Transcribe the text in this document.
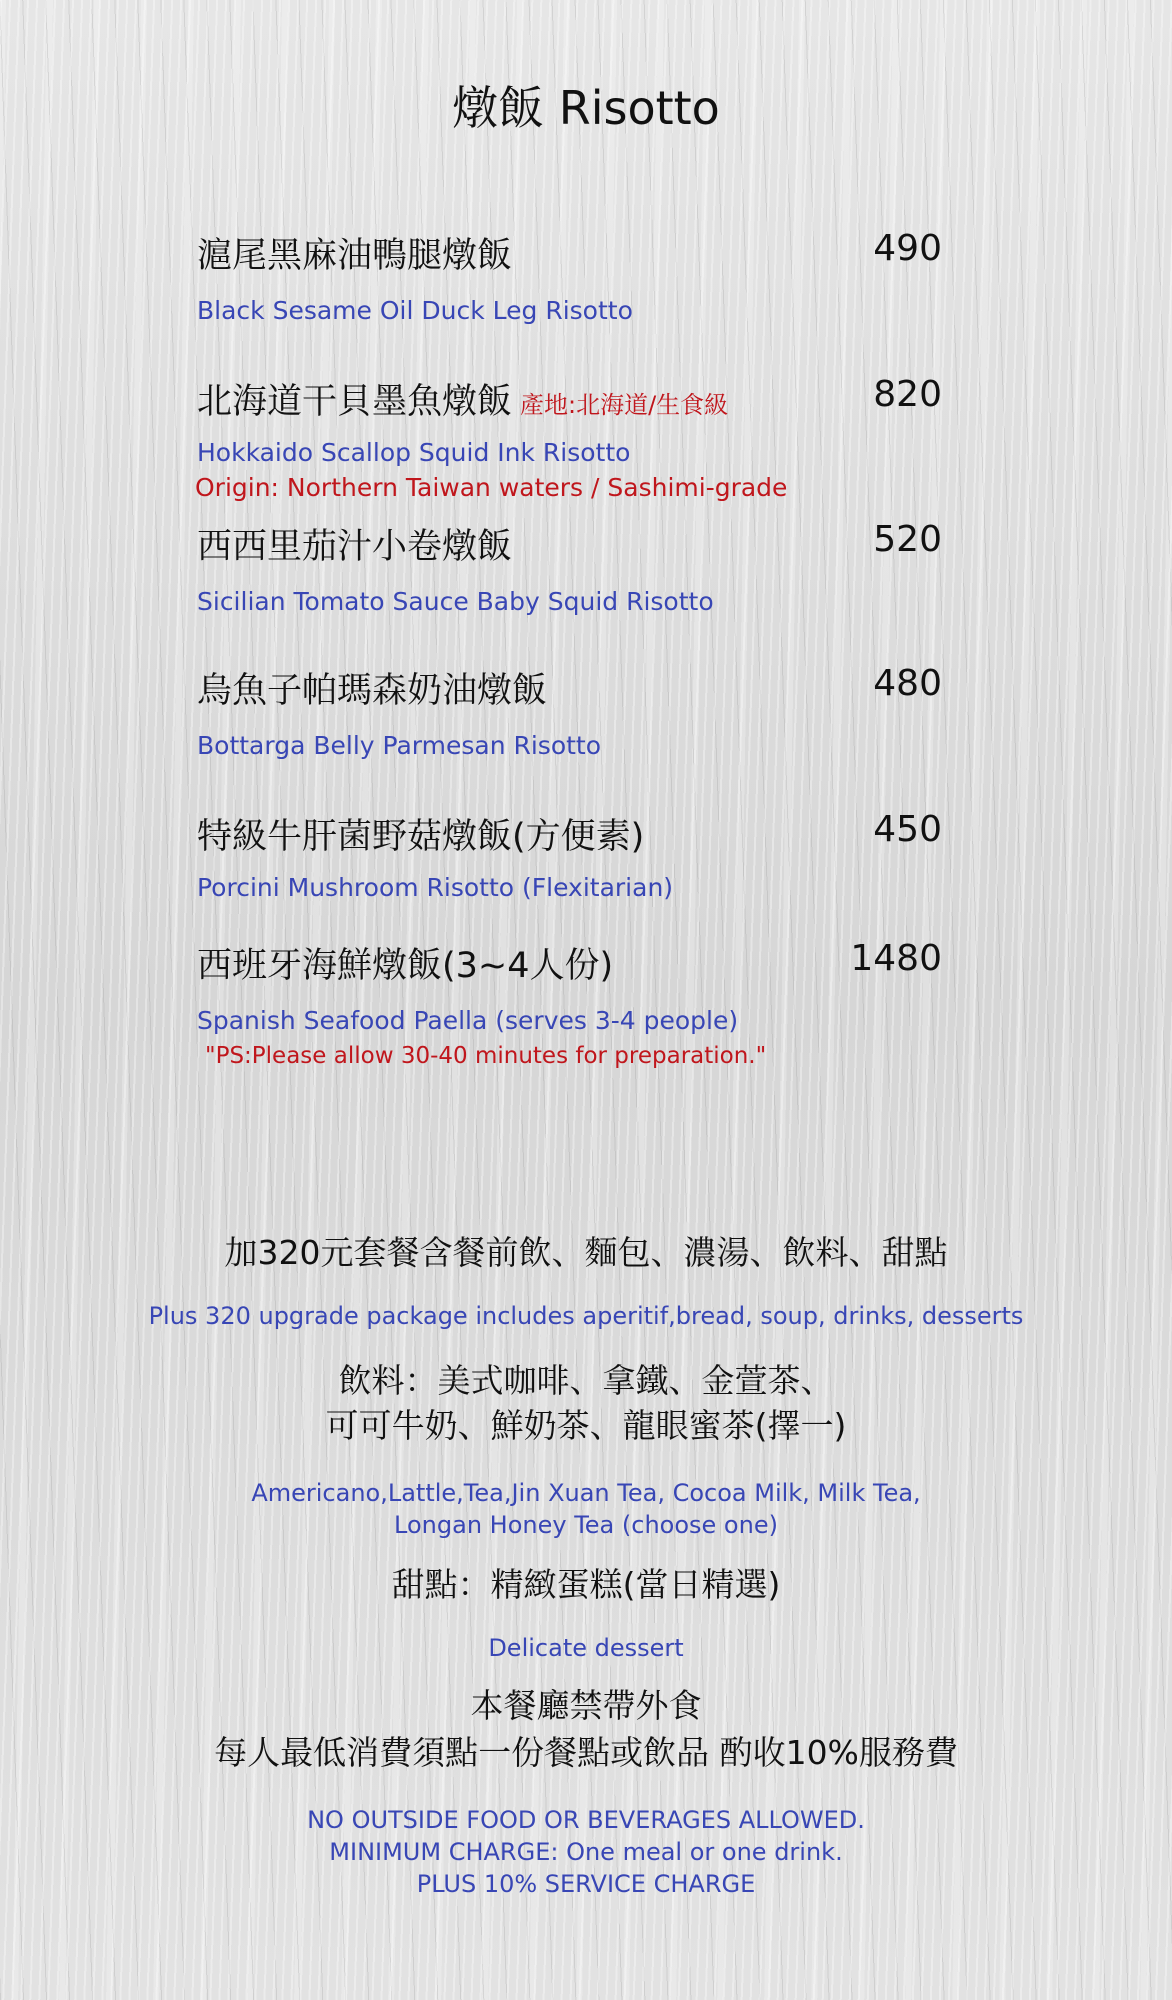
燉飯 Risotto
滬尾黑麻油鴨腿燉飯	490
Black Sesame Oil Duck Leg Risotto
北海道干貝墨魚燉飯 產地:北海道/生食級	820
Hokkaido Scallop Squid Ink Risotto
Origin: Northern Taiwan waters / Sashimi-grade
西西里茄汁小卷燉飯	520
Sicilian Tomato Sauce Baby Squid Risotto
烏魚子帕瑪森奶油燉飯	480
Bottarga Belly Parmesan Risotto
特級牛肝菌野菇燉飯(方便素)	450
Porcini Mushroom Risotto (Flexitarian)
西班牙海鮮燉飯(3~4人份)	1480
Spanish Seafood Paella (serves 3-4 people)
"PS:Please allow 30-40 minutes for preparation."
加320元套餐含餐前飲、麵包、濃湯、飲料、甜點
Plus 320 upgrade package includes aperitif,bread, soup, drinks, desserts
飲料：美式咖啡、拿鐵、金萱茶、
可可牛奶、鮮奶茶、龍眼蜜茶(擇一)
Americano,Lattle,Tea,Jin Xuan Tea, Cocoa Milk, Milk Tea,
Longan Honey Tea (choose one)
甜點：精緻蛋糕(當日精選)
Delicate dessert
本餐廳禁帶外食
每人最低消費須點一份餐點或飲品 酌收10%服務費
NO OUTSIDE FOOD OR BEVERAGES ALLOWED.
MINIMUM CHARGE: One meal or one drink.
PLUS 10% SERVICE CHARGE
